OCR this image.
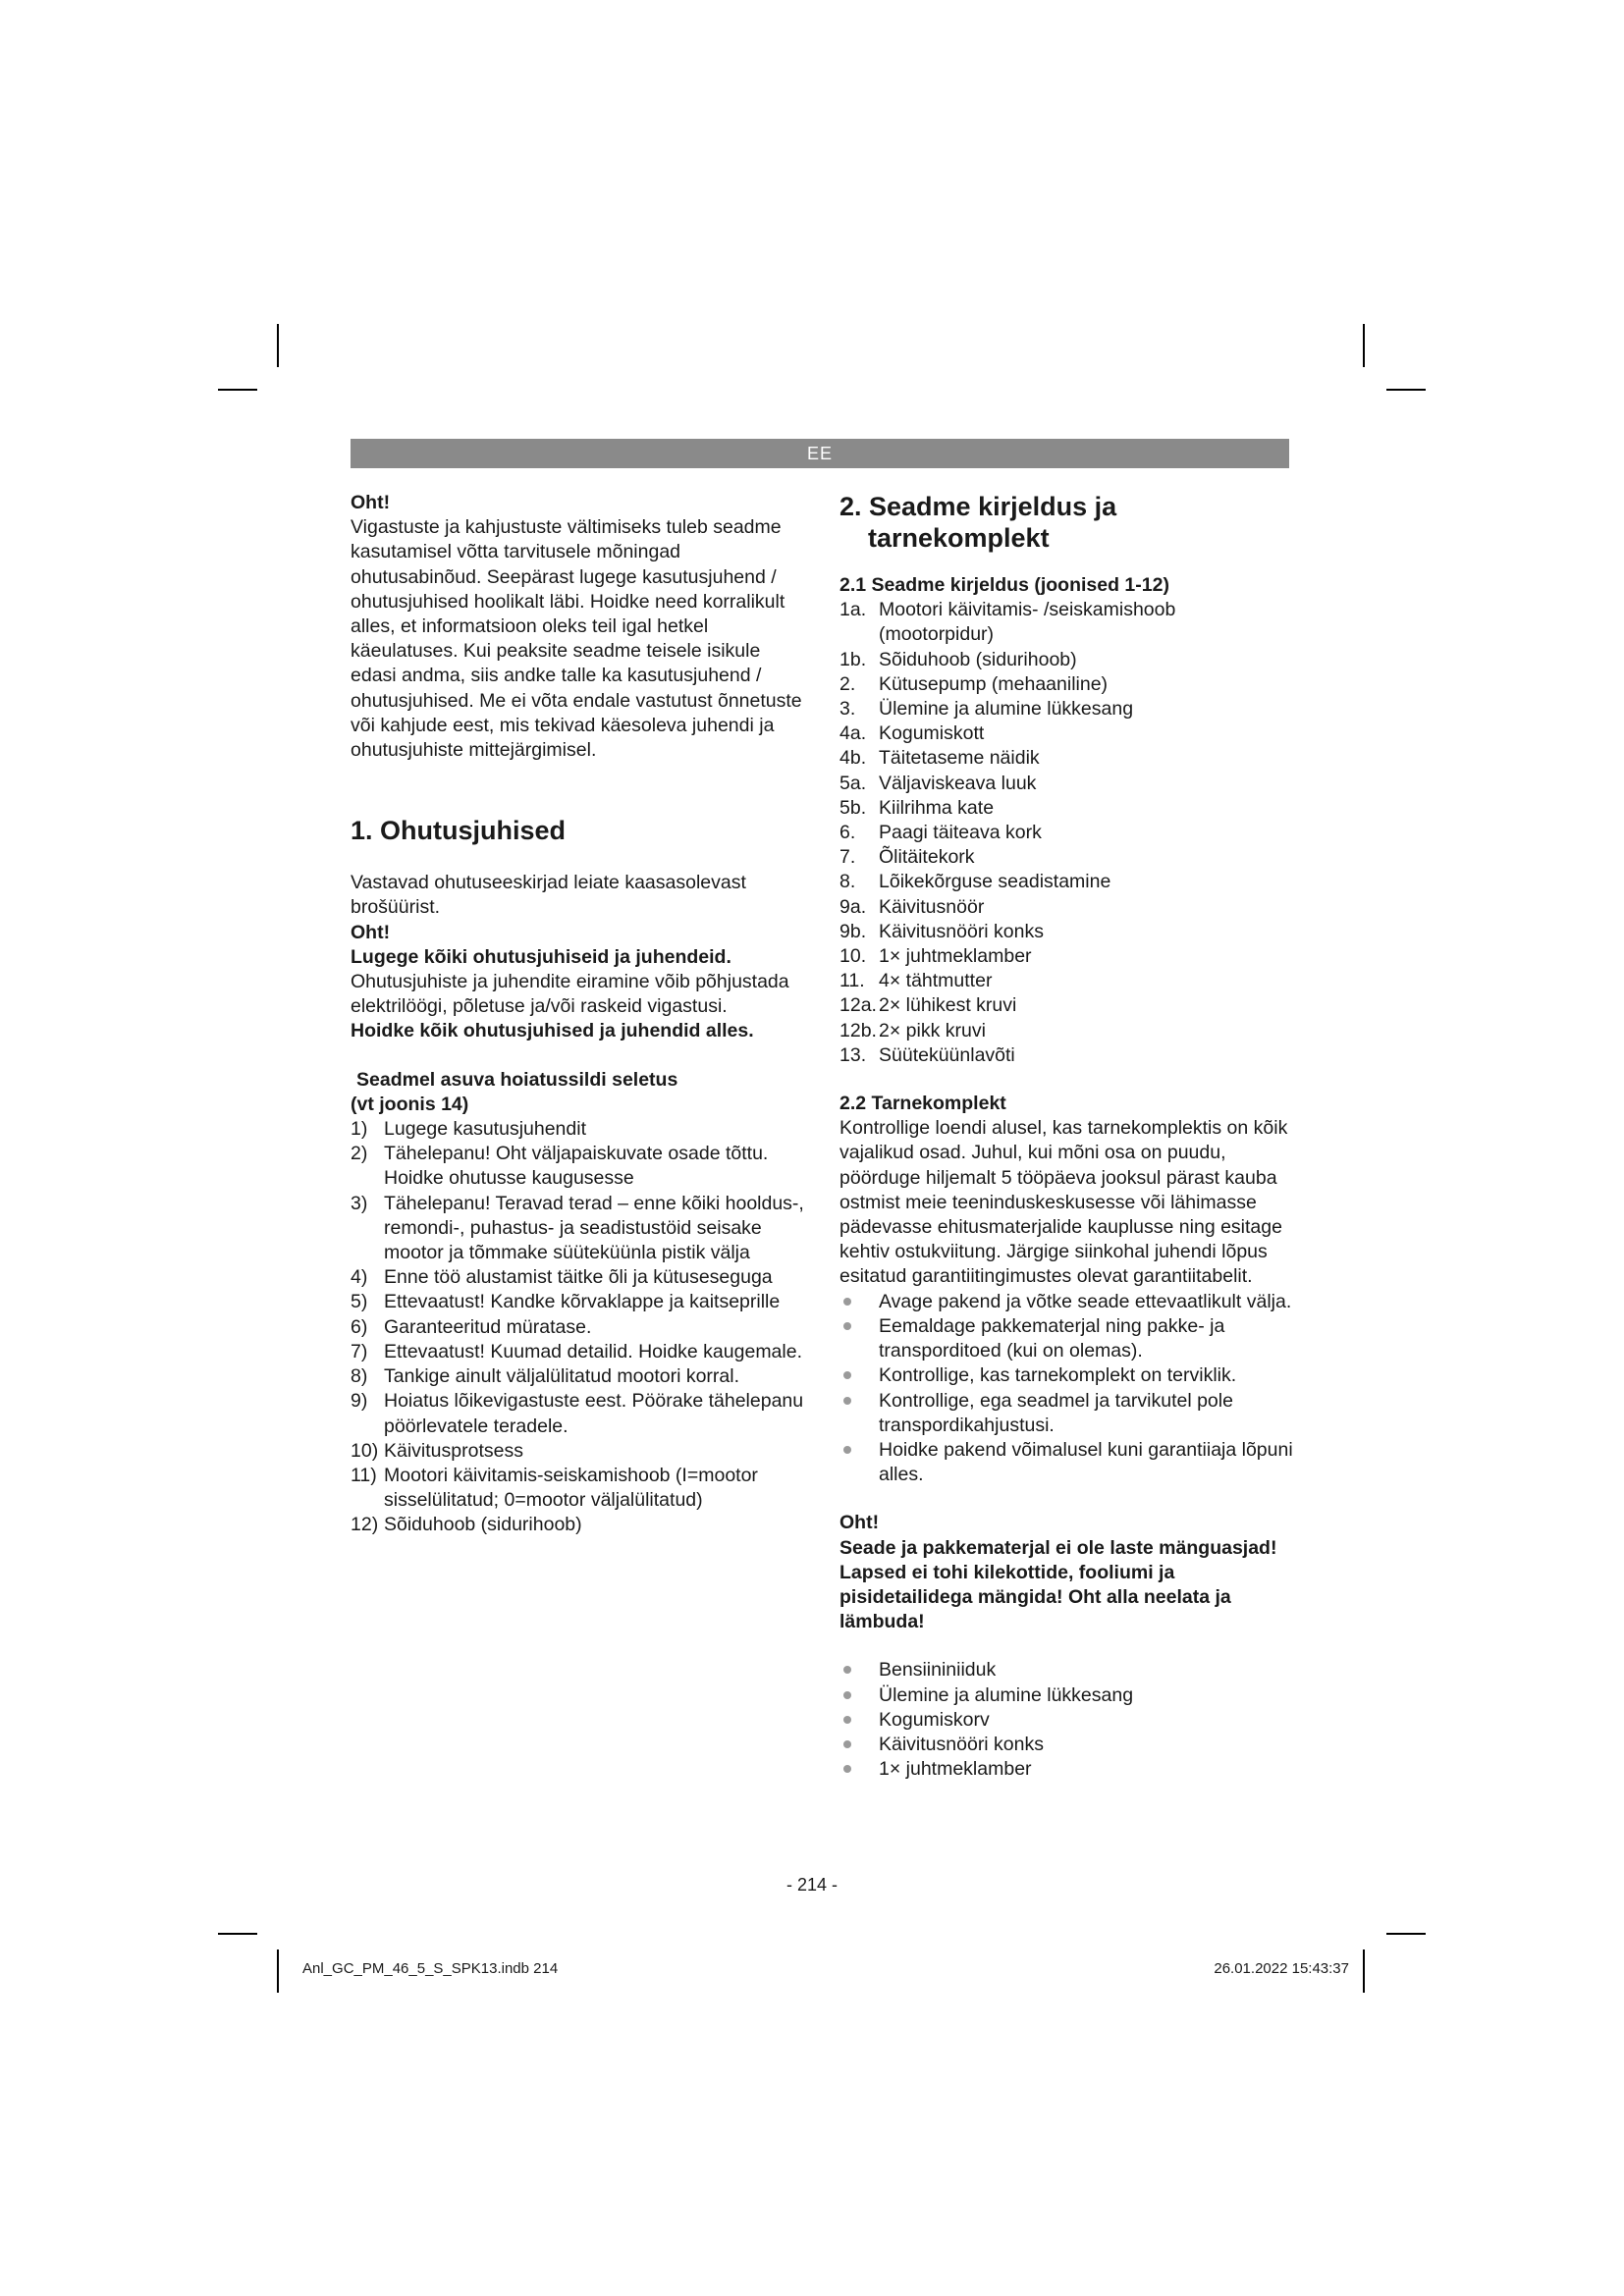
EE

Oht!

Vigastuste ja kahjustuste vältimiseks tuleb seadme kasutamisel võtta tarvitusele mõningad ohutusabinõud. Seepärast lugege kasutusjuhend / ohutusjuhised hoolikalt läbi. Hoidke need korralikult alles, et informatsioon oleks teil igal hetkel käeulatuses. Kui peaksite seadme teisele isikule edasi andma, siis andke talle ka kasutusjuhend / ohutusjuhised. Me ei võta endale vastutust õnnetuste või kahjude eest, mis tekivad käesoleva juhendi ja ohutusjuhiste mittejärgimisel.

1. Ohutusjuhised

Vastavad ohutuseeskirjad leiate kaasasolevast brošüürist.

Oht!

Lugege kõiki ohutusjuhiseid ja juhendeid.

Ohutusjuhiste ja juhendite eiramine võib põhjustada elektrilöögi, põletuse ja/või raskeid vigastusi.

Hoidke kõik ohutusjuhised ja juhendid alles.

Seadmel asuva hoiatussildi seletus

(vt joonis 14)

1) Lugege kasutusjuhendit
2) Tähelepanu! Oht väljapaiskuvate osade tõttu. Hoidke ohutusse kaugusesse
3) Tähelepanu! Teravad terad – enne kõiki hooldus-, remondi-, puhastus- ja seadistustöid seisake mootor ja tõmmake süüteküünla pistik välja
4) Enne töö alustamist täitke õli ja kütuseseguga
5) Ettevaatust! Kandke kõrvaklappe ja kaitseprille
6) Garanteeritud müratase.
7) Ettevaatust! Kuumad detailid. Hoidke kaugemale.
8) Tankige ainult väljalülitatud mootori korral.
9) Hoiatus lõikevigastuste eest. Pöörake tähelepanu pöörlevatele teradele.
10) Käivitusprotsess
11) Mootori käivitamis-seiskamishoob (I=mootor sisselülitatud; 0=mootor väljalülitatud)
12) Sõiduhoob (sidurihoob)

2. Seadme kirjeldus ja

tarnekomplekt

2.1 Seadme kirjeldus (joonised 1-12)

1a. Mootori käivitamis- /seiskamishoob (mootorpidur)
1b. Sõiduhoob (sidurihoob)
2. Kütusepump (mehaaniline)
3. Ülemine ja alumine lükkesang
4a. Kogumiskott
4b. Täitetaseme näidik
5a. Väljaviskeava luuk
5b. Kiilrihma kate
6. Paagi täiteava kork
7. Õlitäitekork
8. Lõikekõrguse seadistamine
9a. Käivitusnöör
9b. Käivitusnööri konks
10. 1× juhtmeklamber
11. 4× tähtmutter
12a. 2× lühikest kruvi
12b. 2× pikk kruvi
13. Süüteküünlavõti

2.2 Tarnekomplekt

Kontrollige loendi alusel, kas tarnekomplektis on kõik vajalikud osad. Juhul, kui mõni osa on puudu, pöörduge hiljemalt 5 tööpäeva jooksul pärast kauba ostmist meie teeninduskeskusesse või lähimasse pädevasse ehitusmaterjalide kauplusse ning esitage kehtiv ostukviitung. Järgige siinkohal juhendi lõpus esitatud garantiitingimustes olevat garantiitabelit.

Avage pakend ja võtke seade ettevaatlikult välja.
Eemaldage pakkematerjal ning pakke- ja transporditoed (kui on olemas).
Kontrollige, kas tarnekomplekt on terviklik.
Kontrollige, ega seadmel ja tarvikutel pole transpordikahjustusi.
Hoidke pakend võimalusel kuni garantiiaja lõpuni alles.

Oht!

Seade ja pakkematerjal ei ole laste mänguasjad! Lapsed ei tohi kilekottide, fooliumi ja pisidetailidega mängida! Oht alla neelata ja lämbuda!

Bensiininiiduk
Ülemine ja alumine lükkesang
Kogumiskorv
Käivitusnööri konks
1× juhtmeklamber
- 214 -
Anl_GC_PM_46_5_S_SPK13.indb 214	26.01.2022 15:43:37
